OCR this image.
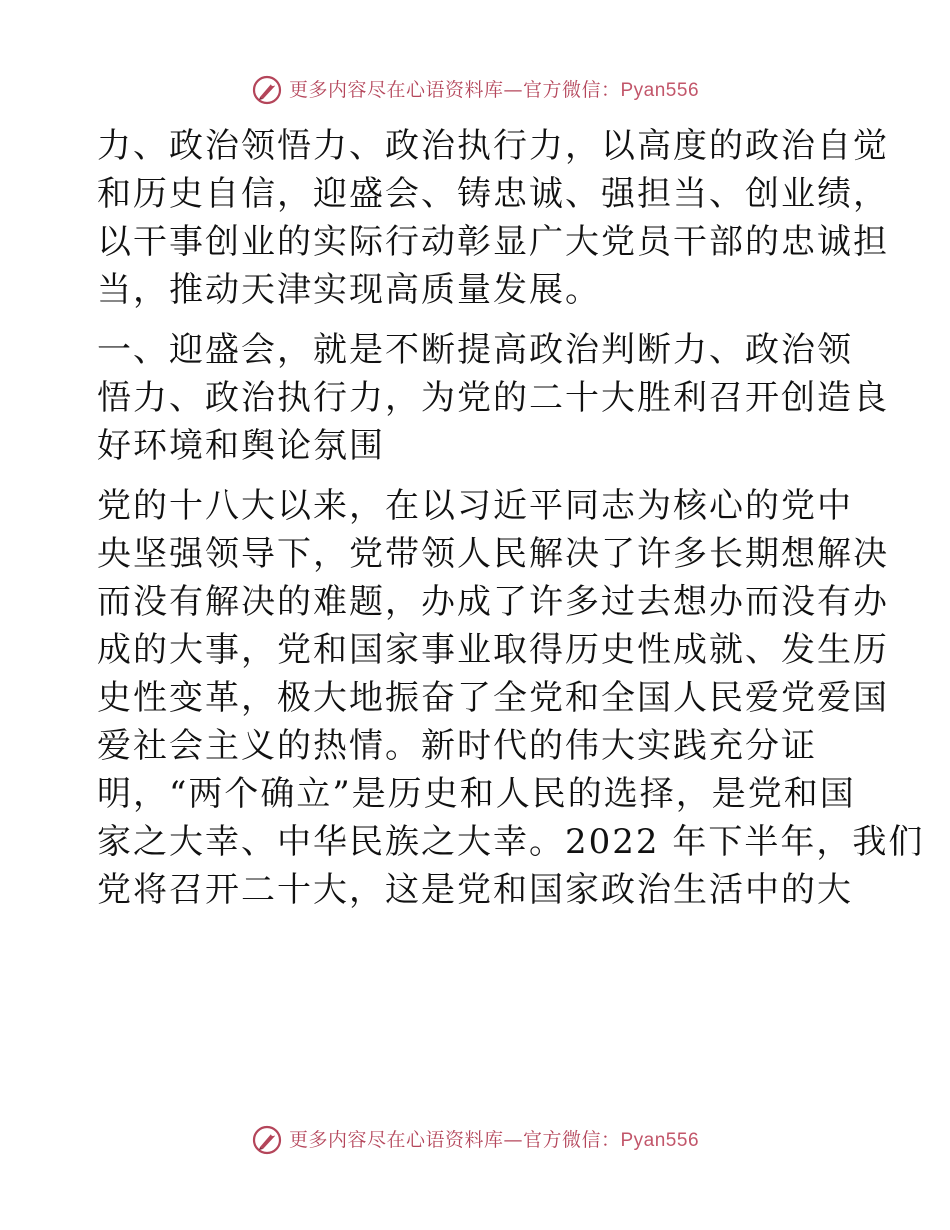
更多内容尽在心语资料库—官方微信：Pyan556

力、政治领悟力、政治执行力，以高度的政治自觉
和历史自信，迎盛会、铸忠诚、强担当、创业绩，
以干事创业的实际行动彰显广大党员干部的忠诚担
当，推动天津实现高质量发展。

一、迎盛会，就是不断提高政治判断力、政治领
悟力、政治执行力，为党的二十大胜利召开创造良
好环境和舆论氛围

党的十八大以来，在以习近平同志为核心的党中
央坚强领导下，党带领人民解决了许多长期想解决
而没有解决的难题，办成了许多过去想办而没有办
成的大事，党和国家事业取得历史性成就、发生历
史性变革，极大地振奋了全党和全国人民爱党爱国
爱社会主义的热情。新时代的伟大实践充分证
明，“两个确立”是历史和人民的选择，是党和国
家之大幸、中华民族之大幸。2022 年下半年，我们
党将召开二十大，这是党和国家政治生活中的大

更多内容尽在心语资料库—官方微信：Pyan556
